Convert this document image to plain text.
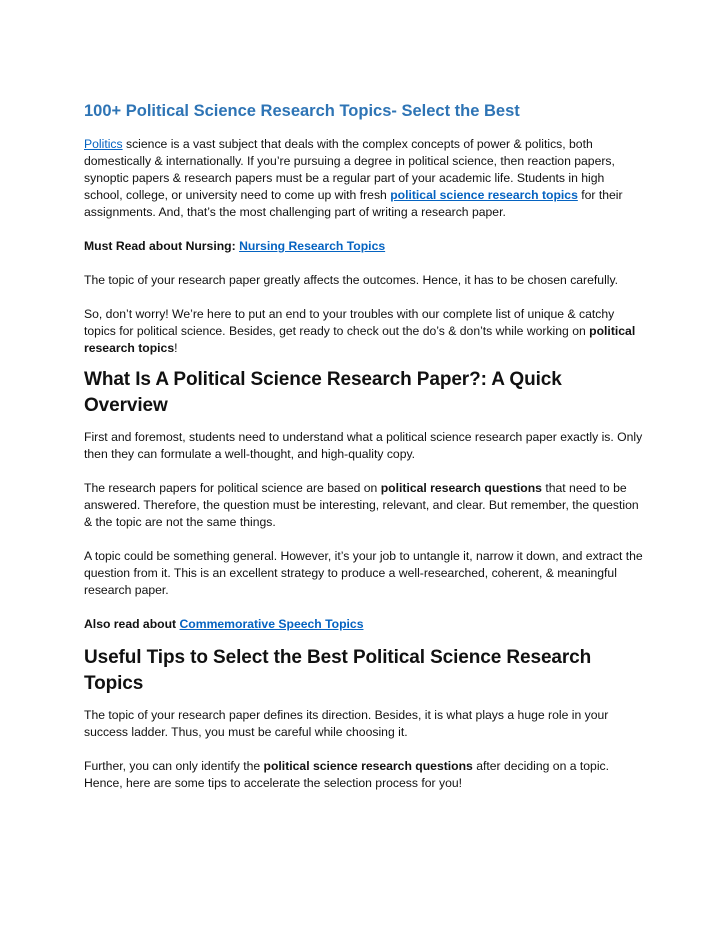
100+ Political Science Research Topics- Select the Best

Politics science is a vast subject that deals with the complex concepts of power & politics, both domestically & internationally. If you’re pursuing a degree in political science, then reaction papers, synoptic papers & research papers must be a regular part of your academic life. Students in high school, college, or university need to come up with fresh political science research topics for their assignments. And, that’s the most challenging part of writing a research paper.

Must Read about Nursing: Nursing Research Topics

The topic of your research paper greatly affects the outcomes. Hence, it has to be chosen carefully.

So, don’t worry! We’re here to put an end to your troubles with our complete list of unique & catchy topics for political science. Besides, get ready to check out the do’s & don’ts while working on political research topics!

What Is A Political Science Research Paper?: A Quick Overview

First and foremost, students need to understand what a political science research paper exactly is. Only then they can formulate a well-thought, and high-quality copy.

The research papers for political science are based on political research questions that need to be answered. Therefore, the question must be interesting, relevant, and clear. But remember, the question & the topic are not the same things.

A topic could be something general. However, it’s your job to untangle it, narrow it down, and extract the question from it. This is an excellent strategy to produce a well-researched, coherent, & meaningful research paper.

Also read about Commemorative Speech Topics

Useful Tips to Select the Best Political Science Research Topics

The topic of your research paper defines its direction. Besides, it is what plays a huge role in your success ladder. Thus, you must be careful while choosing it.

Further, you can only identify the political science research questions after deciding on a topic. Hence, here are some tips to accelerate the selection process for you!
